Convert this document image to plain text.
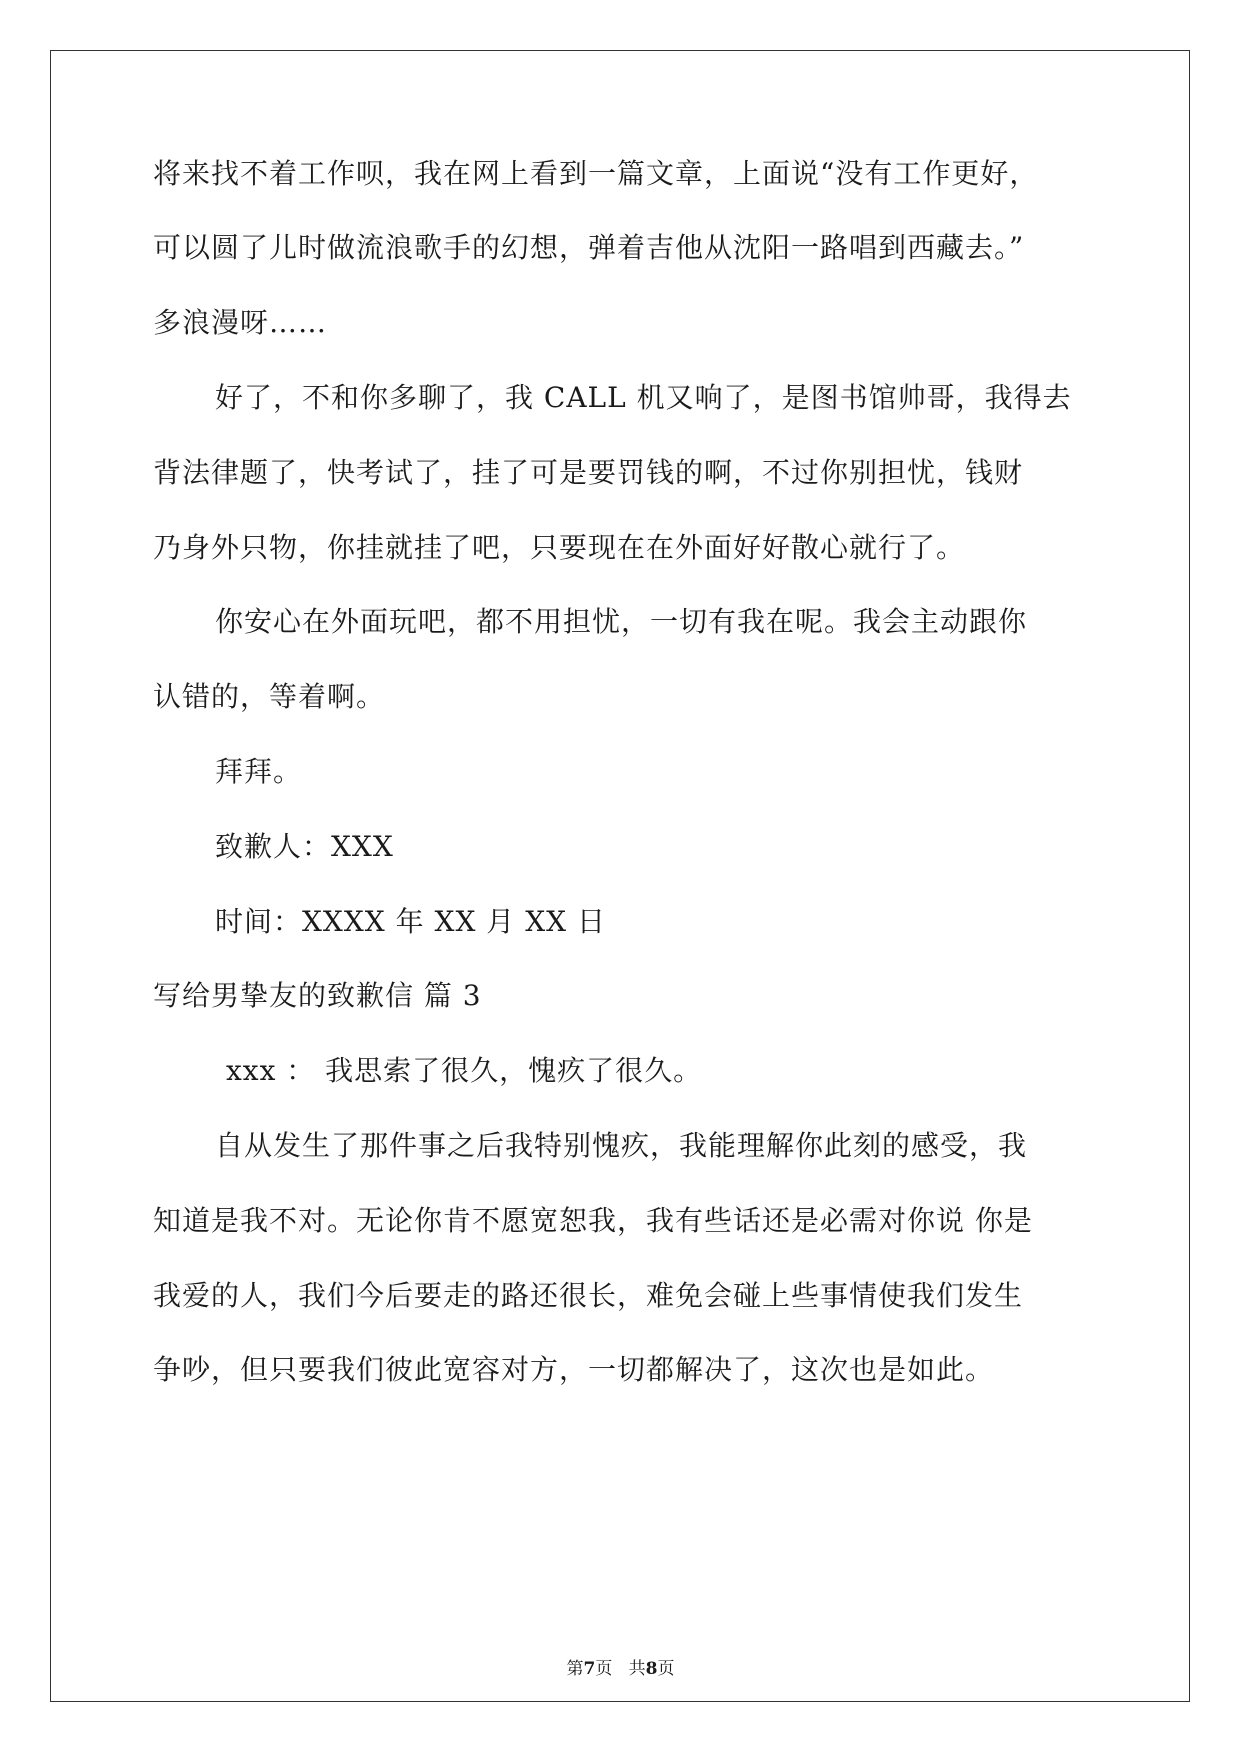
将来找不着工作呗，我在网上看到一篇文章，上面说“没有工作更好，
可以圆了儿时做流浪歌手的幻想，弹着吉他从沈阳一路唱到西藏去。”
多浪漫呀……
好了，不和你多聊了，我 CALL 机又响了，是图书馆帅哥，我得去
背法律题了，快考试了，挂了可是要罚钱的啊，不过你别担忧，钱财
乃身外只物，你挂就挂了吧，只要现在在外面好好散心就行了。
你安心在外面玩吧，都不用担忧，一切有我在呢。我会主动跟你
认错的，等着啊。
拜拜。
致歉人：XXX
时间：XXXX 年 XX 月 XX 日
写给男挚友的致歉信 篇 3
xxx ： 我思索了很久，愧疚了很久。
自从发生了那件事之后我特别愧疚，我能理解你此刻的感受，我
知道是我不对。无论你肯不愿宽恕我，我有些话还是必需对你说 你是
我爱的人，我们今后要走的路还很长，难免会碰上些事情使我们发生
争吵，但只要我们彼此宽容对方，一切都解决了，这次也是如此。
第7页   共8页
